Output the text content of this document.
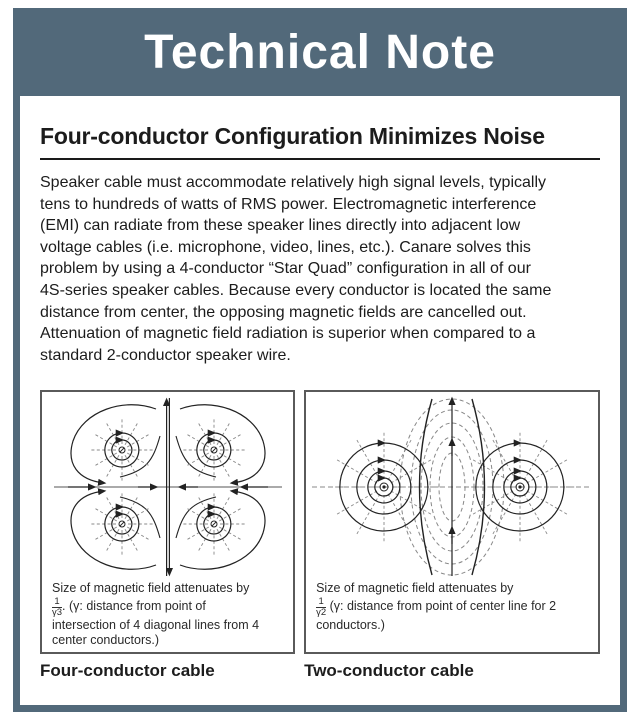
Technical Note
Four-conductor Configuration Minimizes Noise
Speaker cable must accommodate relatively high signal levels, typically
tens to hundreds of watts of RMS power. Electromagnetic interference
(EMI) can radiate from these speaker lines directly into adjacent low
voltage cables (i.e. microphone, video, lines, etc.). Canare solves this
problem by using a 4-conductor “Star Quad” configuration in all of our
4S-series speaker cables. Because every conductor is located the same
distance from center, the opposing magnetic fields are cancelled out.
Attenuation of magnetic field radiation is superior when compared to a
standard 2-conductor speaker wire.
Size of magnetic field attenuates by
$\frac{1}{\gamma 3}$ . (γ: distance from point of
intersection of 4 diagonal lines from 4
center conductors.)
Size of magnetic field attenuates by
$\frac{1}{\gamma 2} (\gamma$: distance from point of center line for 2
conductors.)
Four-conductor cable	Two-conductor cable
